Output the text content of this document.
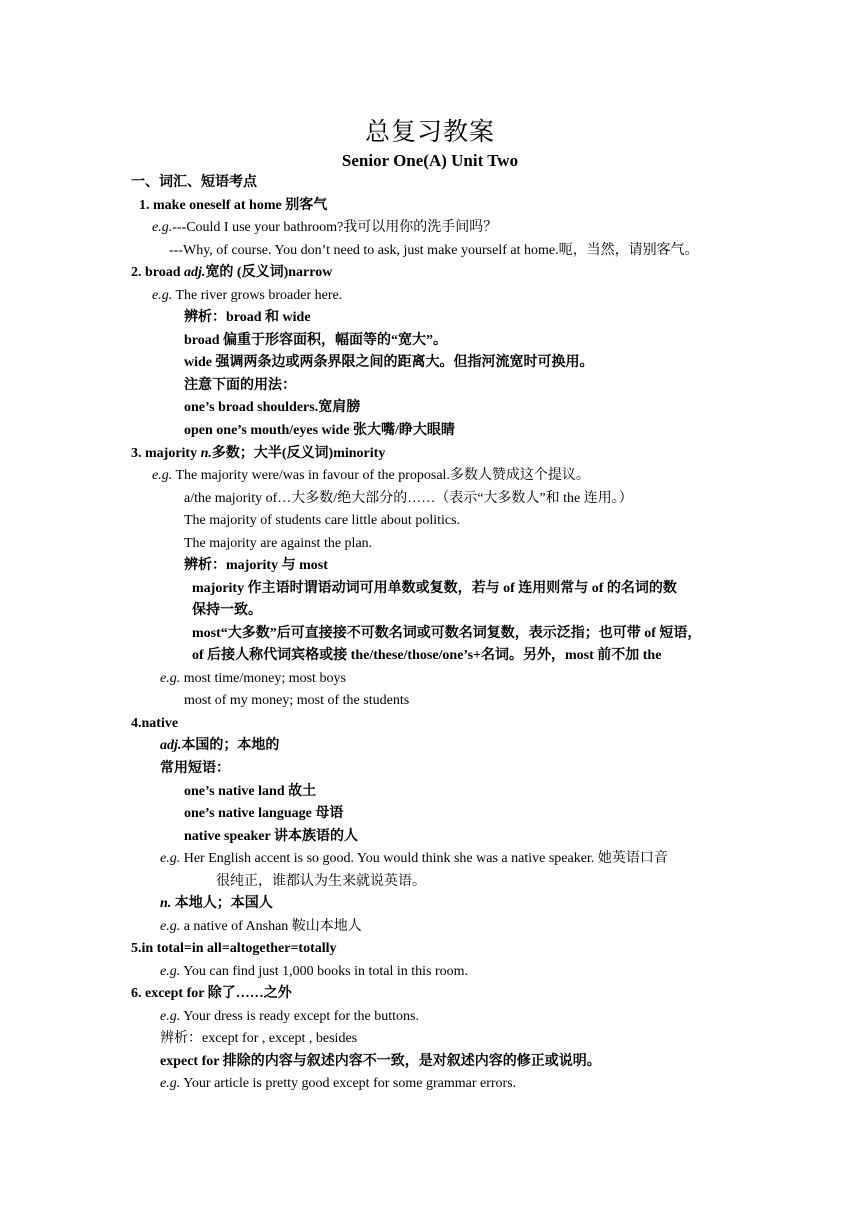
总复习教案
Senior One(A) Unit Two
一、词汇、短语考点
1. make oneself at home 别客气
e.g.---Could I use your bathroom?我可以用你的洗手间吗？
---Why, of course. You don’t need to ask, just make yourself at home.呃，当然，请别客气。
2. broad adj.宽的 (反义词)narrow
e.g. The river grows broader here.
辨析：broad 和 wide
broad 偏重于形容面积，幅面等的“宽大”。
wide 强调两条边或两条界限之间的距离大。但指河流宽时可换用。
注意下面的用法：
one’s broad shoulders.宽肩膀
open one’s mouth/eyes wide 张大嘴/睁大眼睛
3. majority n.多数；大半(反义词)minority
e.g. The majority were/was in favour of the proposal.多数人赞成这个提议。
a/the majority of…大多数/绝大部分的……（表示“大多数人”和 the 连用。）
The majority of students care little about politics.
The majority are against the plan.
辨析：majority 与 most
majority 作主语时谓语动词可用单数或复数，若与 of 连用则常与 of 的名词的数
保持一致。
most“大多数”后可直接接不可数名词或可数名词复数，表示泛指；也可带 of 短语，
of 后接人称代词宾格或接 the/these/those/one’s+名词。另外，most 前不加 the
e.g. most time/money; most boys
most of my money; most of the students
4.native
adj.本国的；本地的
常用短语：
one’s native land 故土
one’s native language 母语
native speaker 讲本族语的人
e.g. Her English accent is so good. You would think she was a native speaker. 她英语口音
很纯正，谁都认为生来就说英语。
n. 本地人；本国人
e.g. a native of Anshan 鞍山本地人
5.in total=in all=altogether=totally
e.g. You can find just 1,000 books in total in this room.
6. except for 除了……之外
e.g. Your dress is ready except for the buttons.
辨析：except for , except , besides
expect for 排除的内容与叙述内容不一致，是对叙述内容的修正或说明。
e.g. Your article is pretty good except for some grammar errors.
